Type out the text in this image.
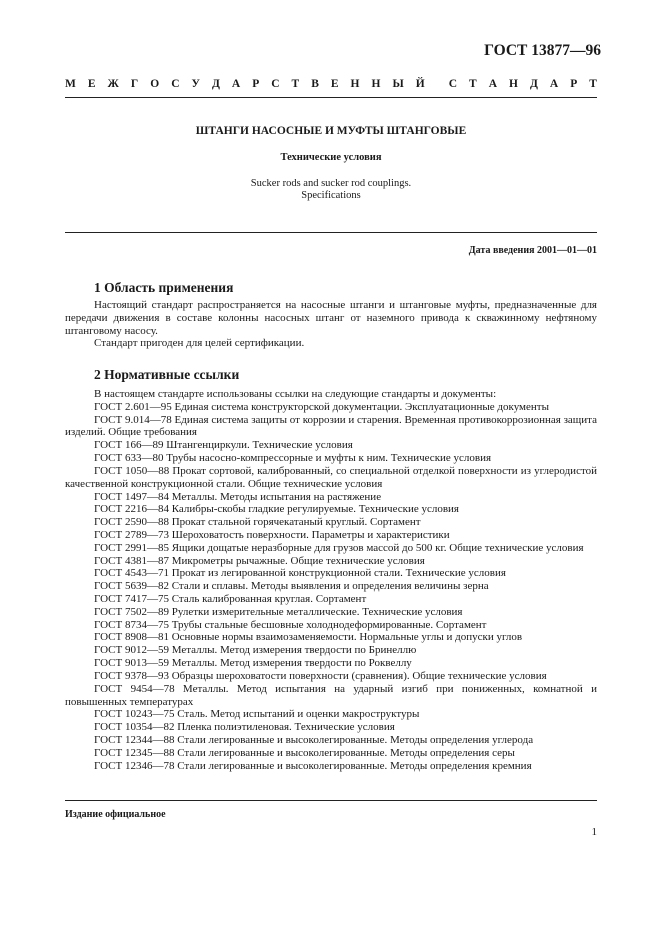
ГОСТ 13877—96
М Е Ж Г О С У Д А Р С Т В Е Н Н Ы Й С Т А Н Д А Р Т
ШТАНГИ НАСОСНЫЕ И МУФТЫ ШТАНГОВЫЕ
Технические условия
Sucker rods and sucker rod couplings.
Specifications
Дата введения 2001—01—01
1 Область применения

Настоящий стандарт распространяется на насосные штанги и штанговые муфты, предназначенные для передачи движения в составе колонны насосных штанг от наземного привода к скважинному нефтяному штанговому насосу.

Стандарт пригоден для целей сертификации.

2 Нормативные ссылки

В настоящем стандарте использованы ссылки на следующие стандарты и документы:

ГОСТ 2.601—95 Единая система конструкторской документации. Эксплуатационные документы

ГОСТ 9.014—78 Единая система защиты от коррозии и старения. Временная противокоррозионная защита изделий. Общие требования

ГОСТ 166—89 Штангенциркули. Технические условия

ГОСТ 633—80 Трубы насосно-компрессорные и муфты к ним. Технические условия

ГОСТ 1050—88 Прокат сортовой, калиброванный, со специальной отделкой поверхности из углеродистой качественной конструкционной стали. Общие технические условия

ГОСТ 1497—84 Металлы. Методы испытания на растяжение

ГОСТ 2216—84 Калибры-скобы гладкие регулируемые. Технические условия

ГОСТ 2590—88 Прокат стальной горячекатаный круглый. Сортамент

ГОСТ 2789—73 Шероховатость поверхности. Параметры и характеристики

ГОСТ 2991—85 Ящики дощатые неразборные для грузов массой до 500 кг. Общие технические условия

ГОСТ 4381—87 Микрометры рычажные. Общие технические условия

ГОСТ 4543—71 Прокат из легированной конструкционной стали. Технические условия

ГОСТ 5639—82 Стали и сплавы. Методы выявления и определения величины зерна

ГОСТ 7417—75 Сталь калиброванная круглая. Сортамент

ГОСТ 7502—89 Рулетки измерительные металлические. Технические условия

ГОСТ 8734—75 Трубы стальные бесшовные холоднодеформированные. Сортамент

ГОСТ 8908—81 Основные нормы взаимозаменяемости. Нормальные углы и допуски углов

ГОСТ 9012—59 Металлы. Метод измерения твердости по Бринеллю

ГОСТ 9013—59 Металлы. Метод измерения твердости по Роквеллу

ГОСТ 9378—93 Образцы шероховатости поверхности (сравнения). Общие технические условия

ГОСТ 9454—78 Металлы. Метод испытания на ударный изгиб при пониженных, комнатной и повышенных температурах

ГОСТ 10243—75 Сталь. Метод испытаний и оценки макроструктуры

ГОСТ 10354—82 Пленка полиэтиленовая. Технические условия

ГОСТ 12344—88 Стали легированные и высоколегированные. Методы определения углерода

ГОСТ 12345—88 Стали легированные и высоколегированные. Методы определения серы

ГОСТ 12346—78 Стали легированные и высоколегированные. Методы определения кремния

Издание официальное
1
